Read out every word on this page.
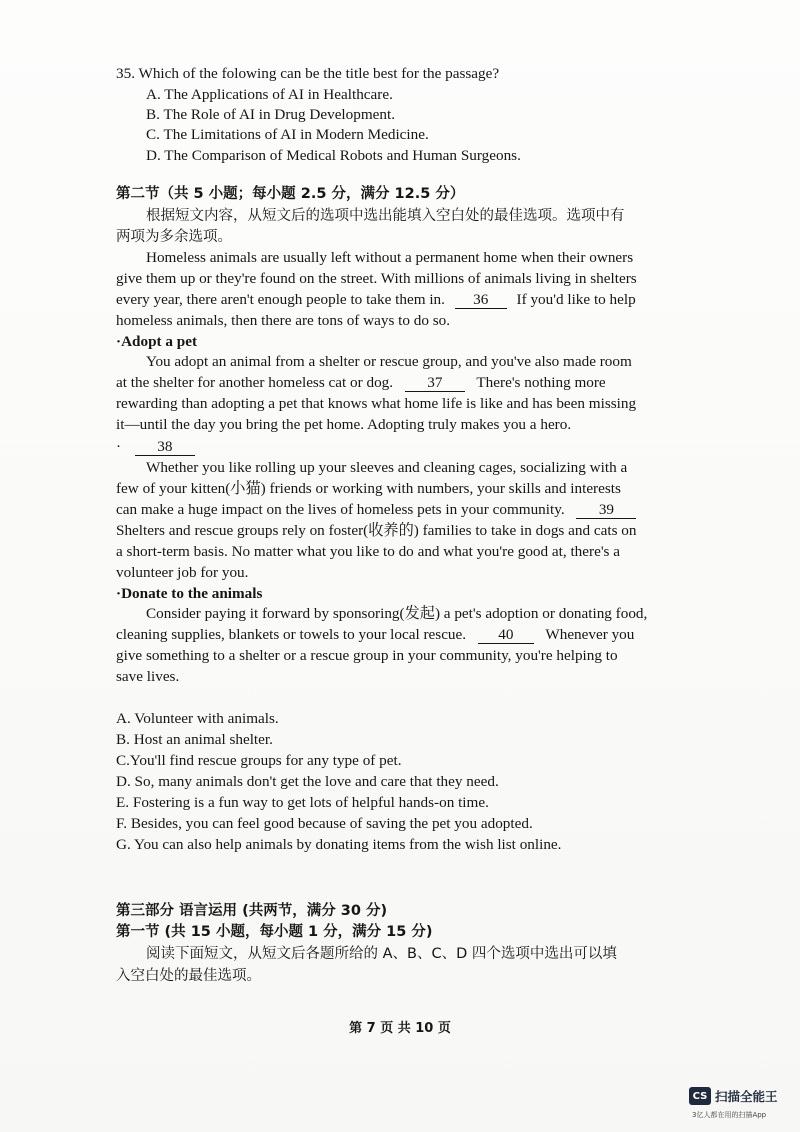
35. Which of the folowing can be the title best for the passage?
A. The Applications of AI in Healthcare.
B. The Role of AI in Drug Development.
C. The Limitations of AI in Modern Medicine.
D. The Comparison of Medical Robots and Human Surgeons.
第二节（共 5 小题；每小题 2.5 分，满分 12.5 分）
根据短文内容，从短文后的选项中选出能填入空白处的最佳选项。选项中有
两项为多余选项。
Homeless animals are usually left without a permanent home when their owners
give them up or they're found on the street. With millions of animals living in shelters
every year, there aren't enough people to take them in. 36 If you'd like to help
homeless animals, then there are tons of ways to do so.
·Adopt a pet
You adopt an animal from a shelter or rescue group, and you've also made room
at the shelter for another homeless cat or dog. 37 There's nothing more
rewarding than adopting a pet that knows what home life is like and has been missing
it—until the day you bring the pet home. Adopting truly makes you a hero.
· 38
Whether you like rolling up your sleeves and cleaning cages, socializing with a
few of your kitten(小猫) friends or working with numbers, your skills and interests
can make a huge impact on the lives of homeless pets in your community. 39
Shelters and rescue groups rely on foster(收养的) families to take in dogs and cats on
a short-term basis. No matter what you like to do and what you're good at, there's a
volunteer job for you.
·Donate to the animals
Consider paying it forward by sponsoring(发起) a pet's adoption or donating food,
cleaning supplies, blankets or towels to your local rescue. 40 Whenever you
give something to a shelter or a rescue group in your community, you're helping to
save lives.
A. Volunteer with animals.
B. Host an animal shelter.
C.You'll find rescue groups for any type of pet.
D. So, many animals don't get the love and care that they need.
E. Fostering is a fun way to get lots of helpful hands-on time.
F. Besides, you can feel good because of saving the pet you adopted.
G. You can also help animals by donating items from the wish list online.
第三部分 语言运用 (共两节，满分 30 分)
第一节 (共 15 小题，每小题 1 分，满分 15 分)
阅读下面短文，从短文后各题所给的 A、B、C、D 四个选项中选出可以填
入空白处的最佳选项。
第 7 页 共 10 页
CS 扫描全能王
3亿人都在用的扫描App
